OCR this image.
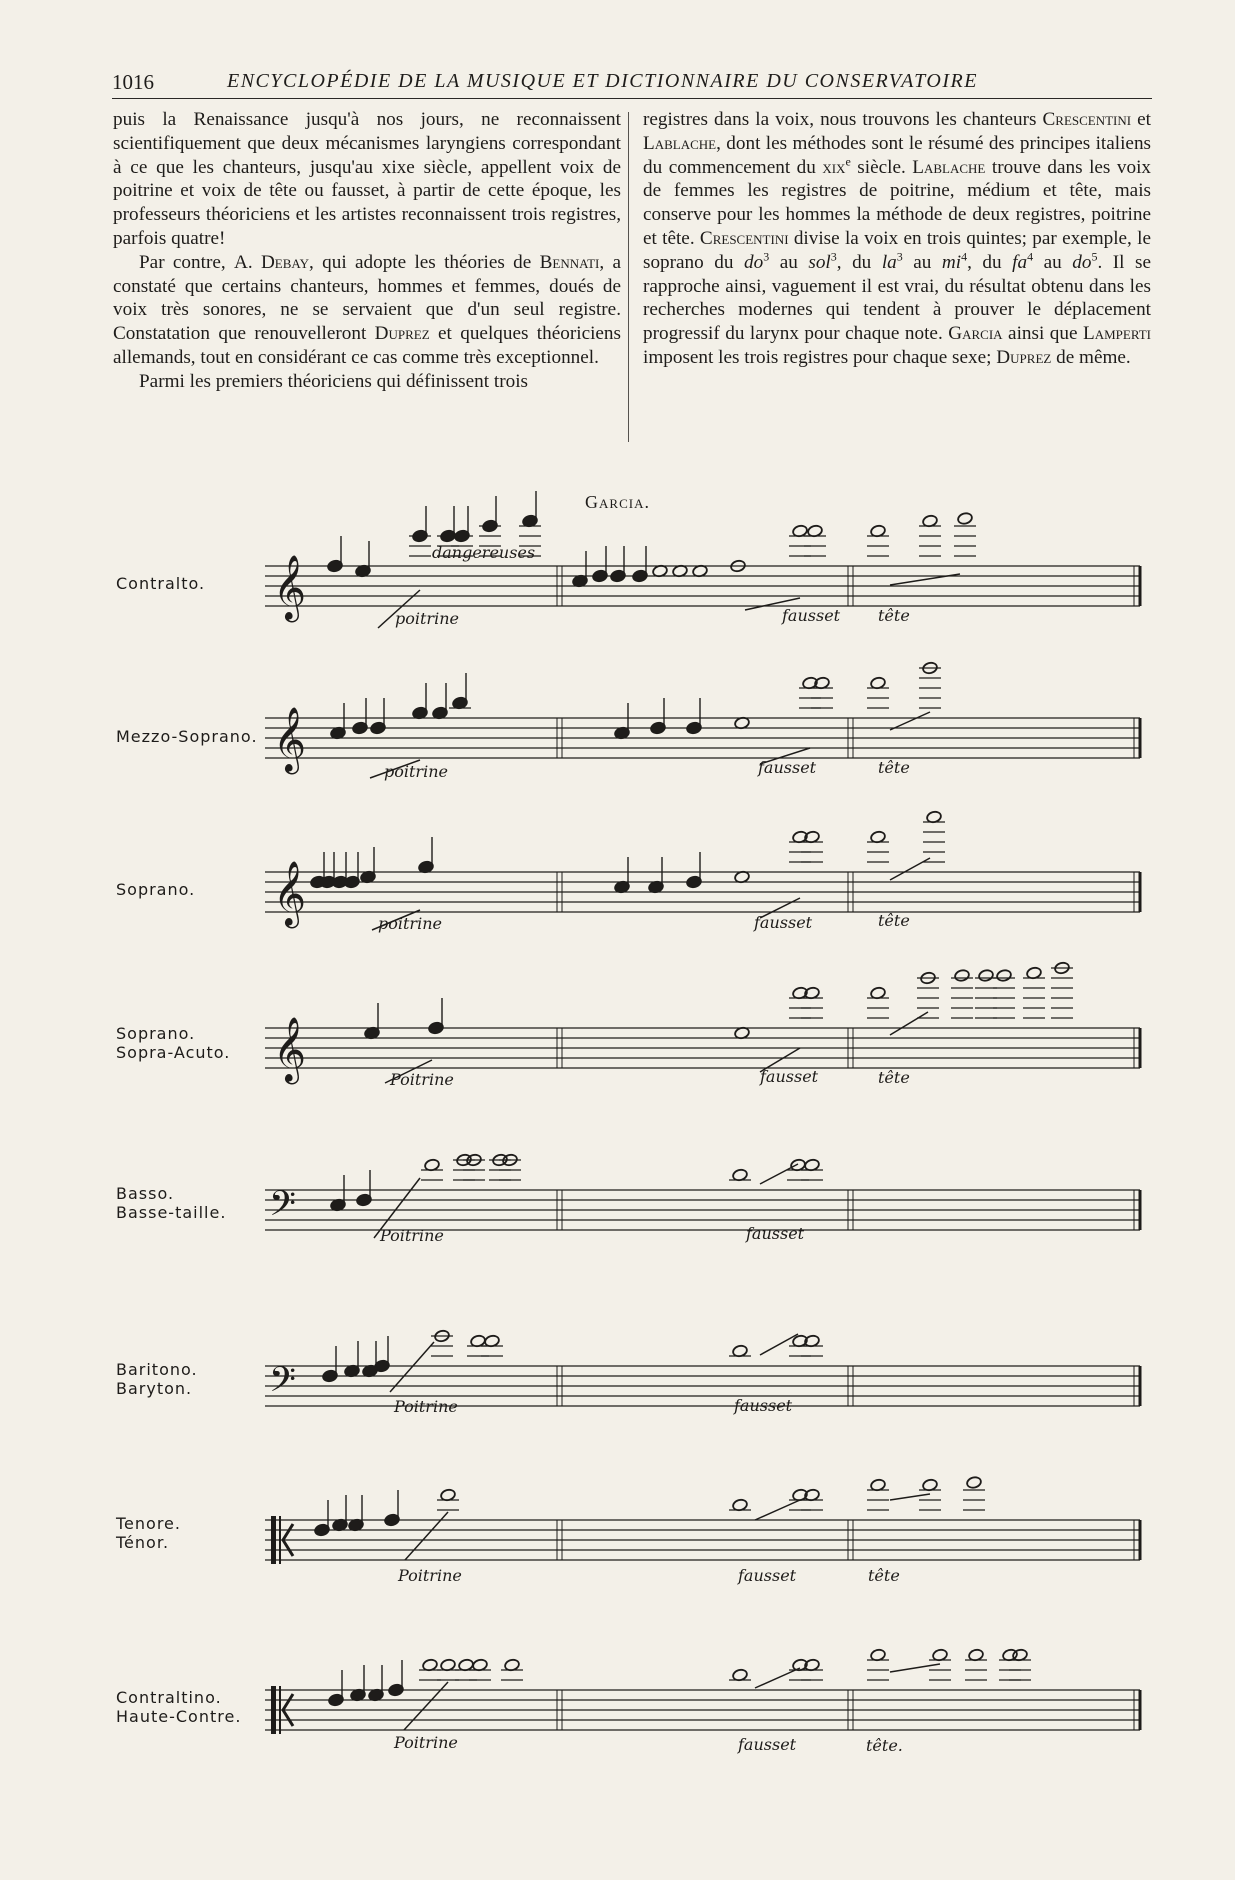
1016	ENCYCLOPÉDIE DE LA MUSIQUE ET DICTIONNAIRE DU CONSERVATOIRE

puis la Renaissance jusqu'à nos jours, ne reconnaissent scientifiquement que deux mécanismes laryngiens correspondant à ce que les chanteurs, jusqu'au xixe siècle, appellent voix de poitrine et voix de tête ou fausset, à partir de cette époque, les professeurs théoriciens et les artistes reconnaissent trois registres, parfois quatre!

Par contre, A. Debay, qui adopte les théories de Bennati, a constaté que certains chanteurs, hommes et femmes, doués de voix très sonores, ne se servaient que d'un seul registre. Constatation que renouvelleront Duprez et quelques théoriciens allemands, tout en considérant ce cas comme très exceptionnel.

Parmi les premiers théoriciens qui définissent trois

registres dans la voix, nous trouvons les chanteurs Crescentini et Lablache, dont les méthodes sont le résumé des principes italiens du commencement du xix$^e$ siècle. Lablache trouve dans les voix de femmes les registres de poitrine, médium et tête, mais conserve pour les hommes la méthode de deux registres, poitrine et tête. Crescentini divise la voix en trois quintes; par exemple, le soprano du $do^3$ au sol$^3$, du $la^3$ au $mi^4$, du $fa^4$ au $do^5$. Il se rapproche ainsi, vaguement il est vrai, du résultat obtenu dans les recherches modernes qui tendent à prouver le déplacement progressif du larynx pour chaque note. Garcia ainsi que Lamperti imposent les trois registres pour chaque sexe; Duprez de même.

Garcia.
Contralto.
Mezzo-Soprano.
Soprano.
Soprano.
Sopra-Acuto.
Basso.
Basse-taille.
Baritono.
Baryton.
Tenore.
Ténor.
Contraltino.
Haute-Contre.
dangereuses
𝄞	poitrine	fausset tête
𝄞	poitrine	fausset	tête
𝄞	poitrine	fausset	tête
𝄞	Poitrine	fausset	tête
𝄢
Poitrine	fausset
𝄢	Poitrine	fausset
Poitrine	fausset	tête
Poitrine	fausset	tête.
